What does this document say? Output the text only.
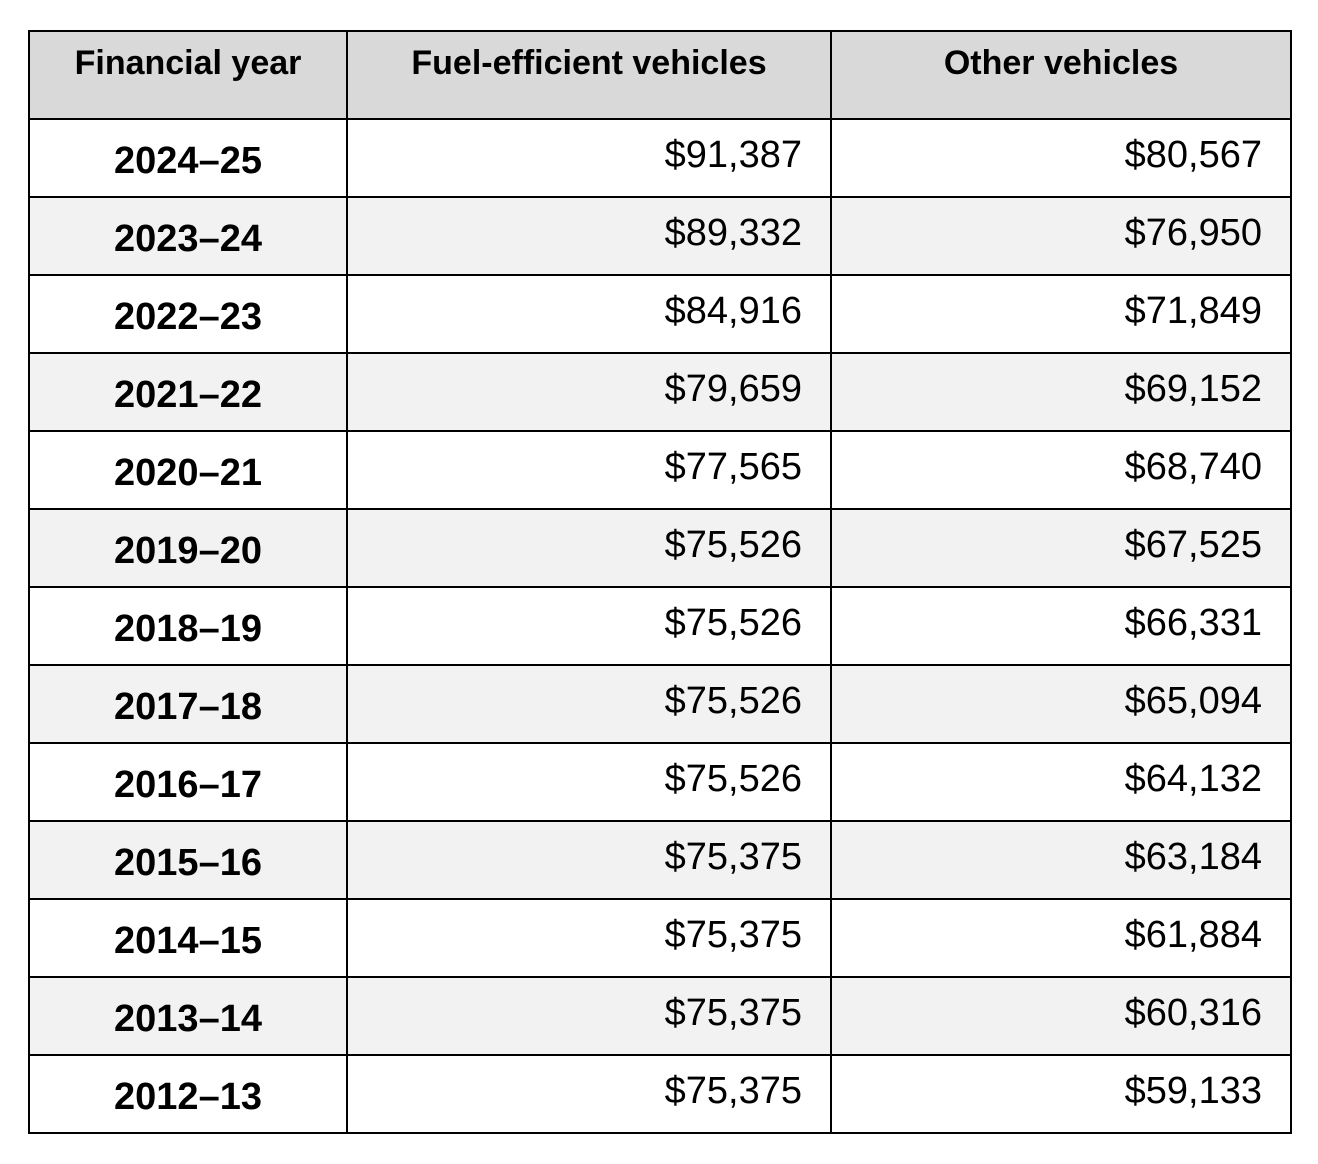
Financial year	Fuel-efficient vehicles	Other vehicles
2024–25	$91,387	$80,567
2023–24	$89,332	$76,950
2022–23	$84,916	$71,849
2021–22	$79,659	$69,152
2020–21	$77,565	$68,740
2019–20	$75,526	$67,525
2018–19	$75,526	$66,331
2017–18	$75,526	$65,094
2016–17	$75,526	$64,132
2015–16	$75,375	$63,184
2014–15	$75,375	$61,884
2013–14	$75,375	$60,316
2012–13	$75,375	$59,133
